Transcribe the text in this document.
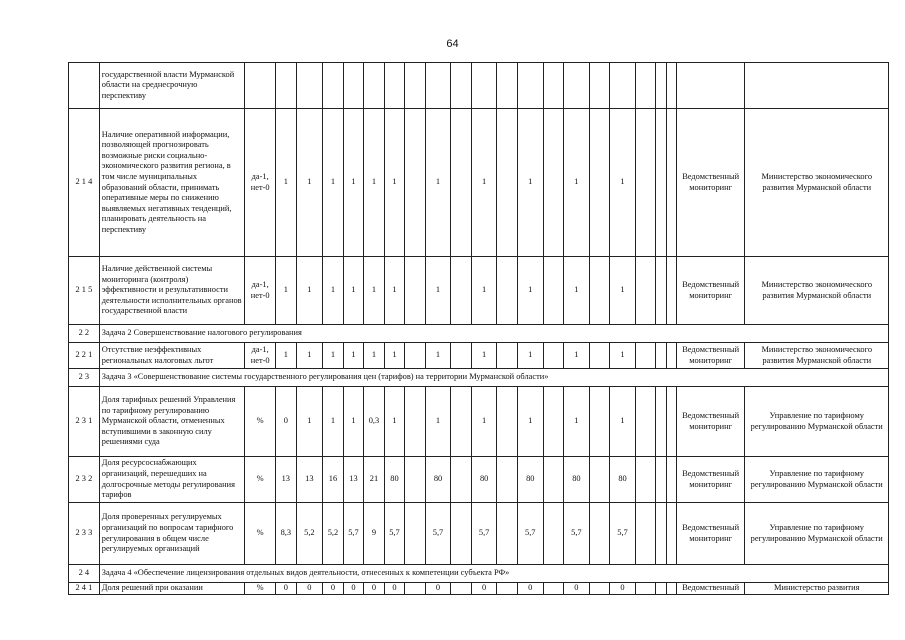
64
	государственной власти Мурманской области на среднесрочную перспективу																						
2 1 4	Наличие оперативной информации, позволяющей прогнозировать возможные риски социально-экономического развития региона, в том числе муниципальных образований области, принимать оперативные меры по снижению выявляемых негативных тенденций, планировать деятельность на перспективу	да-1, нет-0	1	1	1	1	1	1		1		1		1		1		1				Ведомственный мониторинг	Министерство экономического развития Мурманской области
2 1 5	Наличие действенной системы мониторинга (контроля) эффективности и результативности деятельности исполнительных органов государственной власти	да-1, нет-0	1	1	1	1	1	1		1		1		1		1		1				Ведомственный мониторинг	Министерство экономического развития Мурманской области
2 2	Задача 2 Совершенствование налогового регулирования																						
2 2 1	Отсутствие неэффективных региональных налоговых льгот	да-1, нет-0	1	1	1	1	1	1		1		1		1		1		1				Ведомственный мониторинг	Министерство экономического развития Мурманской области
2 3	Задача 3 «Совершенствование системы государственного регулирования цен (тарифов) на территории Мурманской области»																						
2 3 1	Доля тарифных решений Управления по тарифному регулированию Мурманской области, отмененных вступившими в законную силу решениями суда	%	0	1	1	1	0,3	1		1		1		1		1		1				Ведомственный мониторинг	Управление по тарифному регулированию Мурманской области
2 3 2	Доля ресурсоснабжающих организаций, перешедших на долгосрочные методы регулирования тарифов	%	13	13	16	13	21	80		80		80		80		80		80				Ведомственный мониторинг	Управление по тарифному регулированию Мурманской области
2 3 3	Доля проверенных регулируемых организаций по вопросам тарифного регулирования в общем числе регулируемых организаций	%	8,3	5,2	5,2	5,7	9	5,7		5,7		5,7		5,7		5,7		5,7				Ведомственный мониторинг	Управление по тарифному регулированию Мурманской области
2 4	Задача 4 «Обеспечение лицензирования отдельных видов деятельности, отнесенных к компетенции субъекта РФ»																						
2 4 1	Доля решений при оказании	%	0	0	0	0	0	0		0		0		0		0		0				Ведомственный	Министерство развития
